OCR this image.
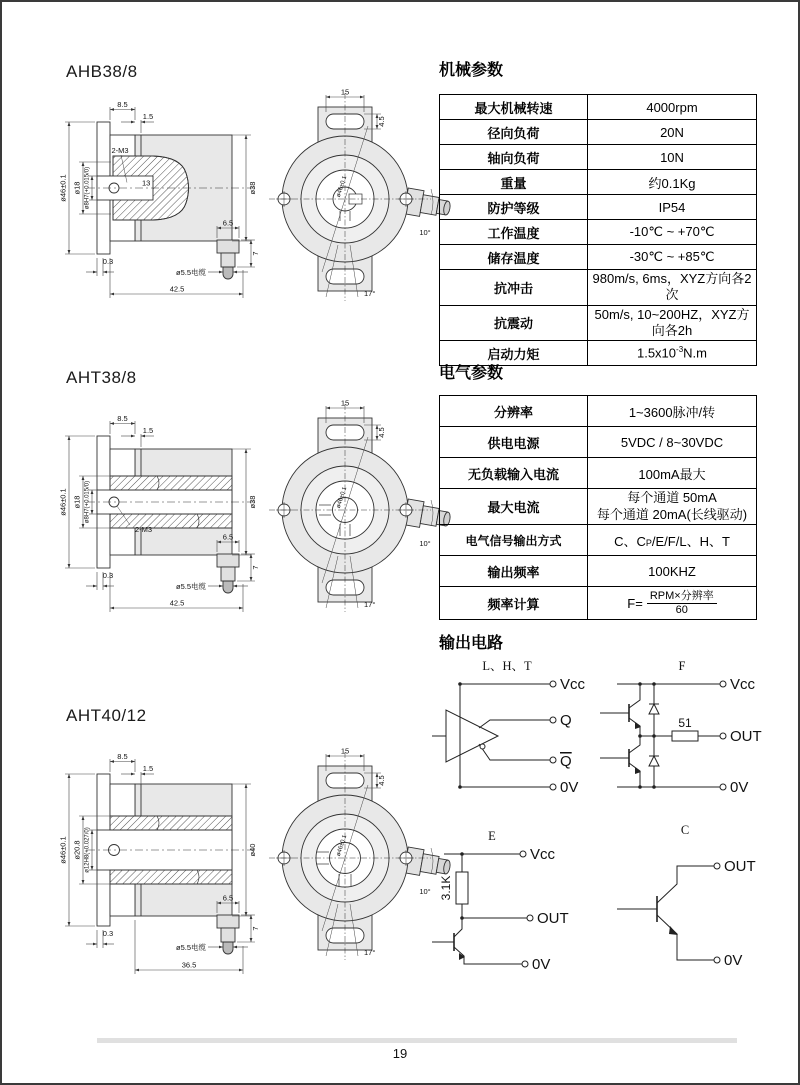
AHB38/8
AHT38/8
AHT40/12
8.5
1.5
ø46±0.1 ø18 ø8H7(+0.015/0)
2-M3
13	ø38
6.5
7
0.3
ø5.5电缆
42.5
15
4.5
ø46±0.1
10°
17°
8.5
1.5
ø46±0.1 ø18 ø8H7(+0.015/0)
2-M3
ø38
6.5
7
0.3
ø5.5电缆
42.5
15
4.5
ø46±0.1
10°
17°
8.5
1.5
ø46±0.1 ø20.8 ø12H8(+0.027/0)	ø40
6.5
7
0.3
ø5.5电缆
36.5
15
4.5
ø46±0.1
10°
17°
机械参数
最大机械转速	4000rpm
径向负荷	20N
轴向负荷	10N
重量	约0.1Kg
防护等级	IP54
工作温度	-10℃ ~ +70℃
储存温度	-30℃ ~ +85℃
抗冲击	980m/s, 6ms，XYZ方向各2次
抗震动	50m/s, 10~200HZ，XYZ方向各2h
启动力矩	$1.5x10^{-3}N.m$
电气参数
分辨率	1~3600脉冲/转
供电电源	5VDC / 8~30VDC
无负载输入电流	100mA最大
最大电流	每个通道 50mA
每个通道 20mA(长线驱动)

电气信号输出方式	C、CP/E/F/L、H、T
输出频率	100KHZ
频率计算	$F= \frac{\text{RPM×分辨率}}{60}$
输出电路
L、H、T
Vcc
Q
Q
0V
F
51
Vcc
OUT
0V
E
3.1K
Vcc
OUT
0V
C
OUT
0V
19
